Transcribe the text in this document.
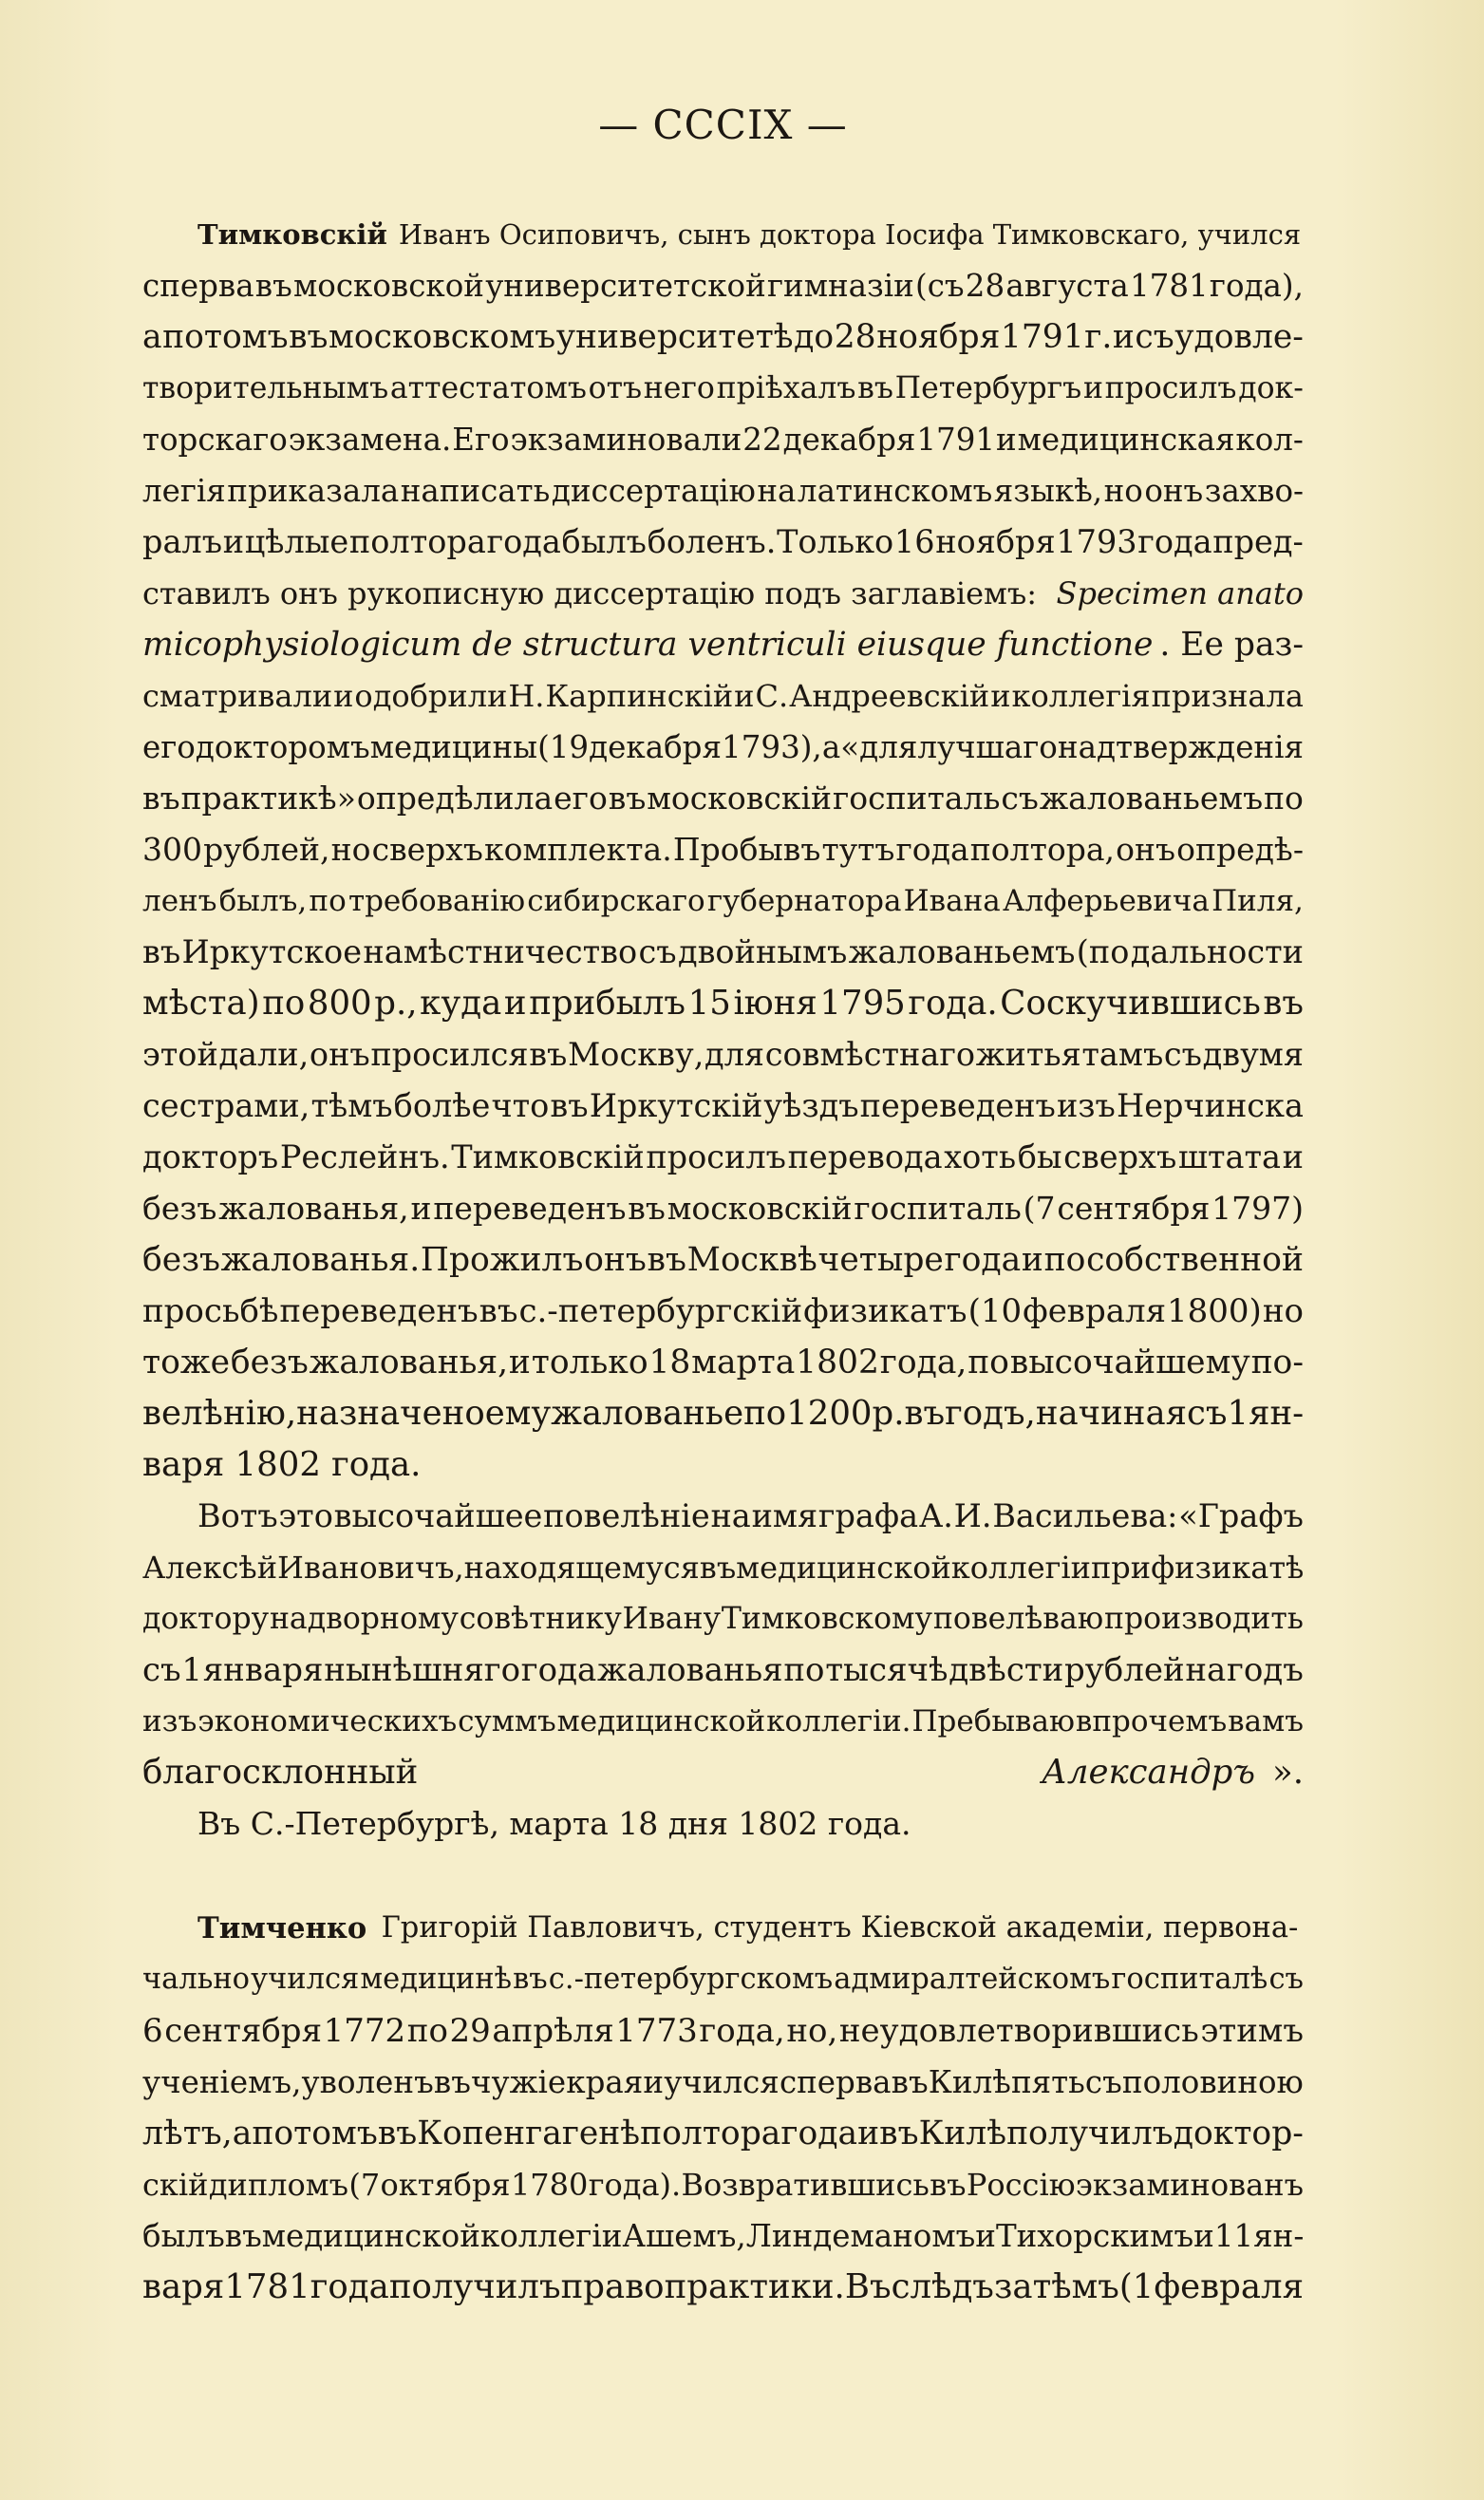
— CCCIX —
Тимковскій Иванъ Осиповичъ, сынъ доктора Іосифа Тимковскаго, учился
сперва въ московской университетской гимназіи (съ 28 августа 1781 года),
а потомъ въ московскомъ университетѣ до 28 ноября 1791 г. и съ удовле-
творительнымъ аттестатомъ отъ него пріѣхалъ въ Петербургъ и просилъ док-
торскаго экзамена. Его экзаминовали 22 декабря 1791 и медицинская кол-
легія приказала написать диссертацію на латинскомъ языкѣ, но онъ захво-
ралъ и цѣлые полтора года былъ боленъ. Только 16 ноября 1793 года пред-
ставилъ онъ рукописную диссертацію подъ заглавіемъ: Specimen anato
micophysiologicum de structura ventriculi eiusque functione . Ее раз-
сматривали и одобрили Н. Карпинскій и С. Андреевскій и коллегія признала
его докторомъ медицины (19 декабря 1793), а «для лучшаго надтвержденія
въ практикѣ» опредѣлила его въ московскій госпиталь съ жалованьемъ по
300 рублей, но сверхъ комплекта. Пробывъ тутъ года полтора, онъ опредѣ-
ленъ былъ, по требованію сибирскаго губернатора Ивана Алферьевича Пиля,
въ Иркутское намѣстничество съ двойнымъ жалованьемъ (по дальности
мѣста) по 800 р., куда и прибылъ 15 іюня 1795 года. Соскучившись въ
этой дали, онъ просился въ Москву, для совмѣстнаго житья тамъ съ двумя
сестрами, тѣмъ болѣе что въ Иркутскій уѣздъ переведенъ изъ Нерчинска
докторъ Реслейнъ. Тимковскій просилъ перевода хоть бы сверхъ штата и
безъ жалованья, и переведенъ въ московскій госпиталь (7 сентября 1797)
безъ жалованья. Прожилъ онъ въ Москвѣ четыре года и по собственной
просьбѣ переведенъ въ с.-петербургскій физикатъ (10 февраля 1800) но
тоже безъ жалованья, и только 18 марта 1802 года, по высочайшему по-
велѣнію, назначено ему жалованье по 1200 р. въ годъ, начиная съ 1 ян-
варя 1802 года.
Вотъ это высочайшее повелѣніе на имя графа А. И. Васильева: «Графъ
Алексѣй Ивановичъ, находящемуся въ медицинской коллегіи при физикатѣ
доктору надворному совѣтнику Ивану Тимковскому повелѣваю производить
съ 1 января нынѣшняго года жалованья по тысячѣ двѣсти рублей на годъ
изъ экономическихъ суммъ медицинской коллегіи. Пребываю впрочемъ вамъ
благосклонный	Александръ ».
Въ С.-Петербургѣ, марта 18 дня 1802 года.
Тимченко Григорій Павловичъ, студентъ Кіевской академіи, первона-
чально учился медицинѣ въ с.-петербургскомъ адмиралтейскомъ госпиталѣ съ
6 сентября 1772 по 29 апрѣля 1773 года, но, неудовлетворившись этимъ
ученіемъ, уволенъ въ чужіе края и учился сперва въ Килѣ пять съ половиною
лѣтъ, а потомъ въ Копенгагенѣ полтора года и въ Килѣ получилъ доктор-
скій дипломъ (7 октября 1780 года). Возвратившись въ Россію экзаминованъ
былъ въ медицинской коллегіи Ашемъ, Линдеманомъ и Тихорскимъ и 11 ян-
варя 1781 года получилъ право практики. Въ слѣдъ за тѣмъ (1 февраля
